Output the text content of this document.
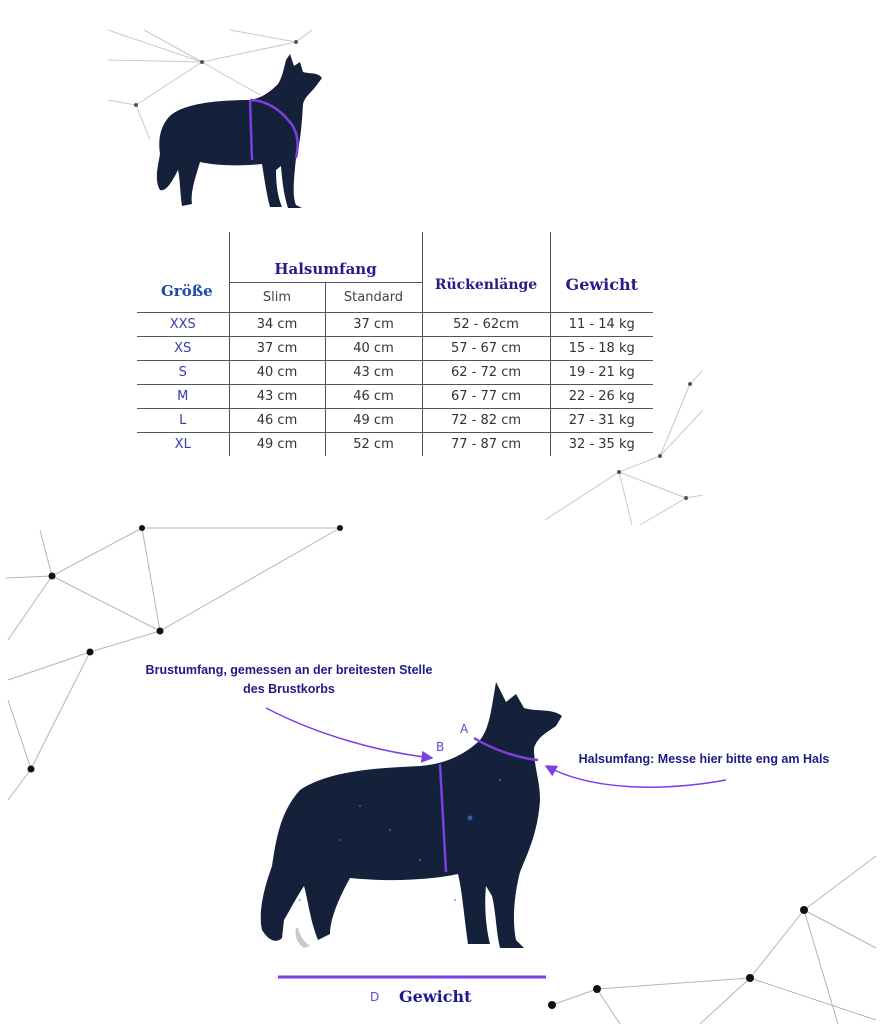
	Halsumfang			
Größe	Slim	Standard	Rückenlänge	Gewicht
XXS	34 cm	37 cm	52 - 62cm	11 - 14 kg
XS	37 cm	40 cm	57 - 67 cm	15 - 18 kg
S	40 cm	43 cm	62 - 72 cm	19 - 21 kg
M	43 cm	46 cm	67 - 77 cm	22 - 26 kg
L	46 cm	49 cm	72 - 82 cm	27 - 31 kg
XL	49 cm	52 cm	77 - 87 cm	32 - 35 kg
Brustumfang, gemessen an der breitesten Stelle
des Brustkorbs
Halsumfang: Messe hier bitte eng am Hals
A
B
D Gewicht
